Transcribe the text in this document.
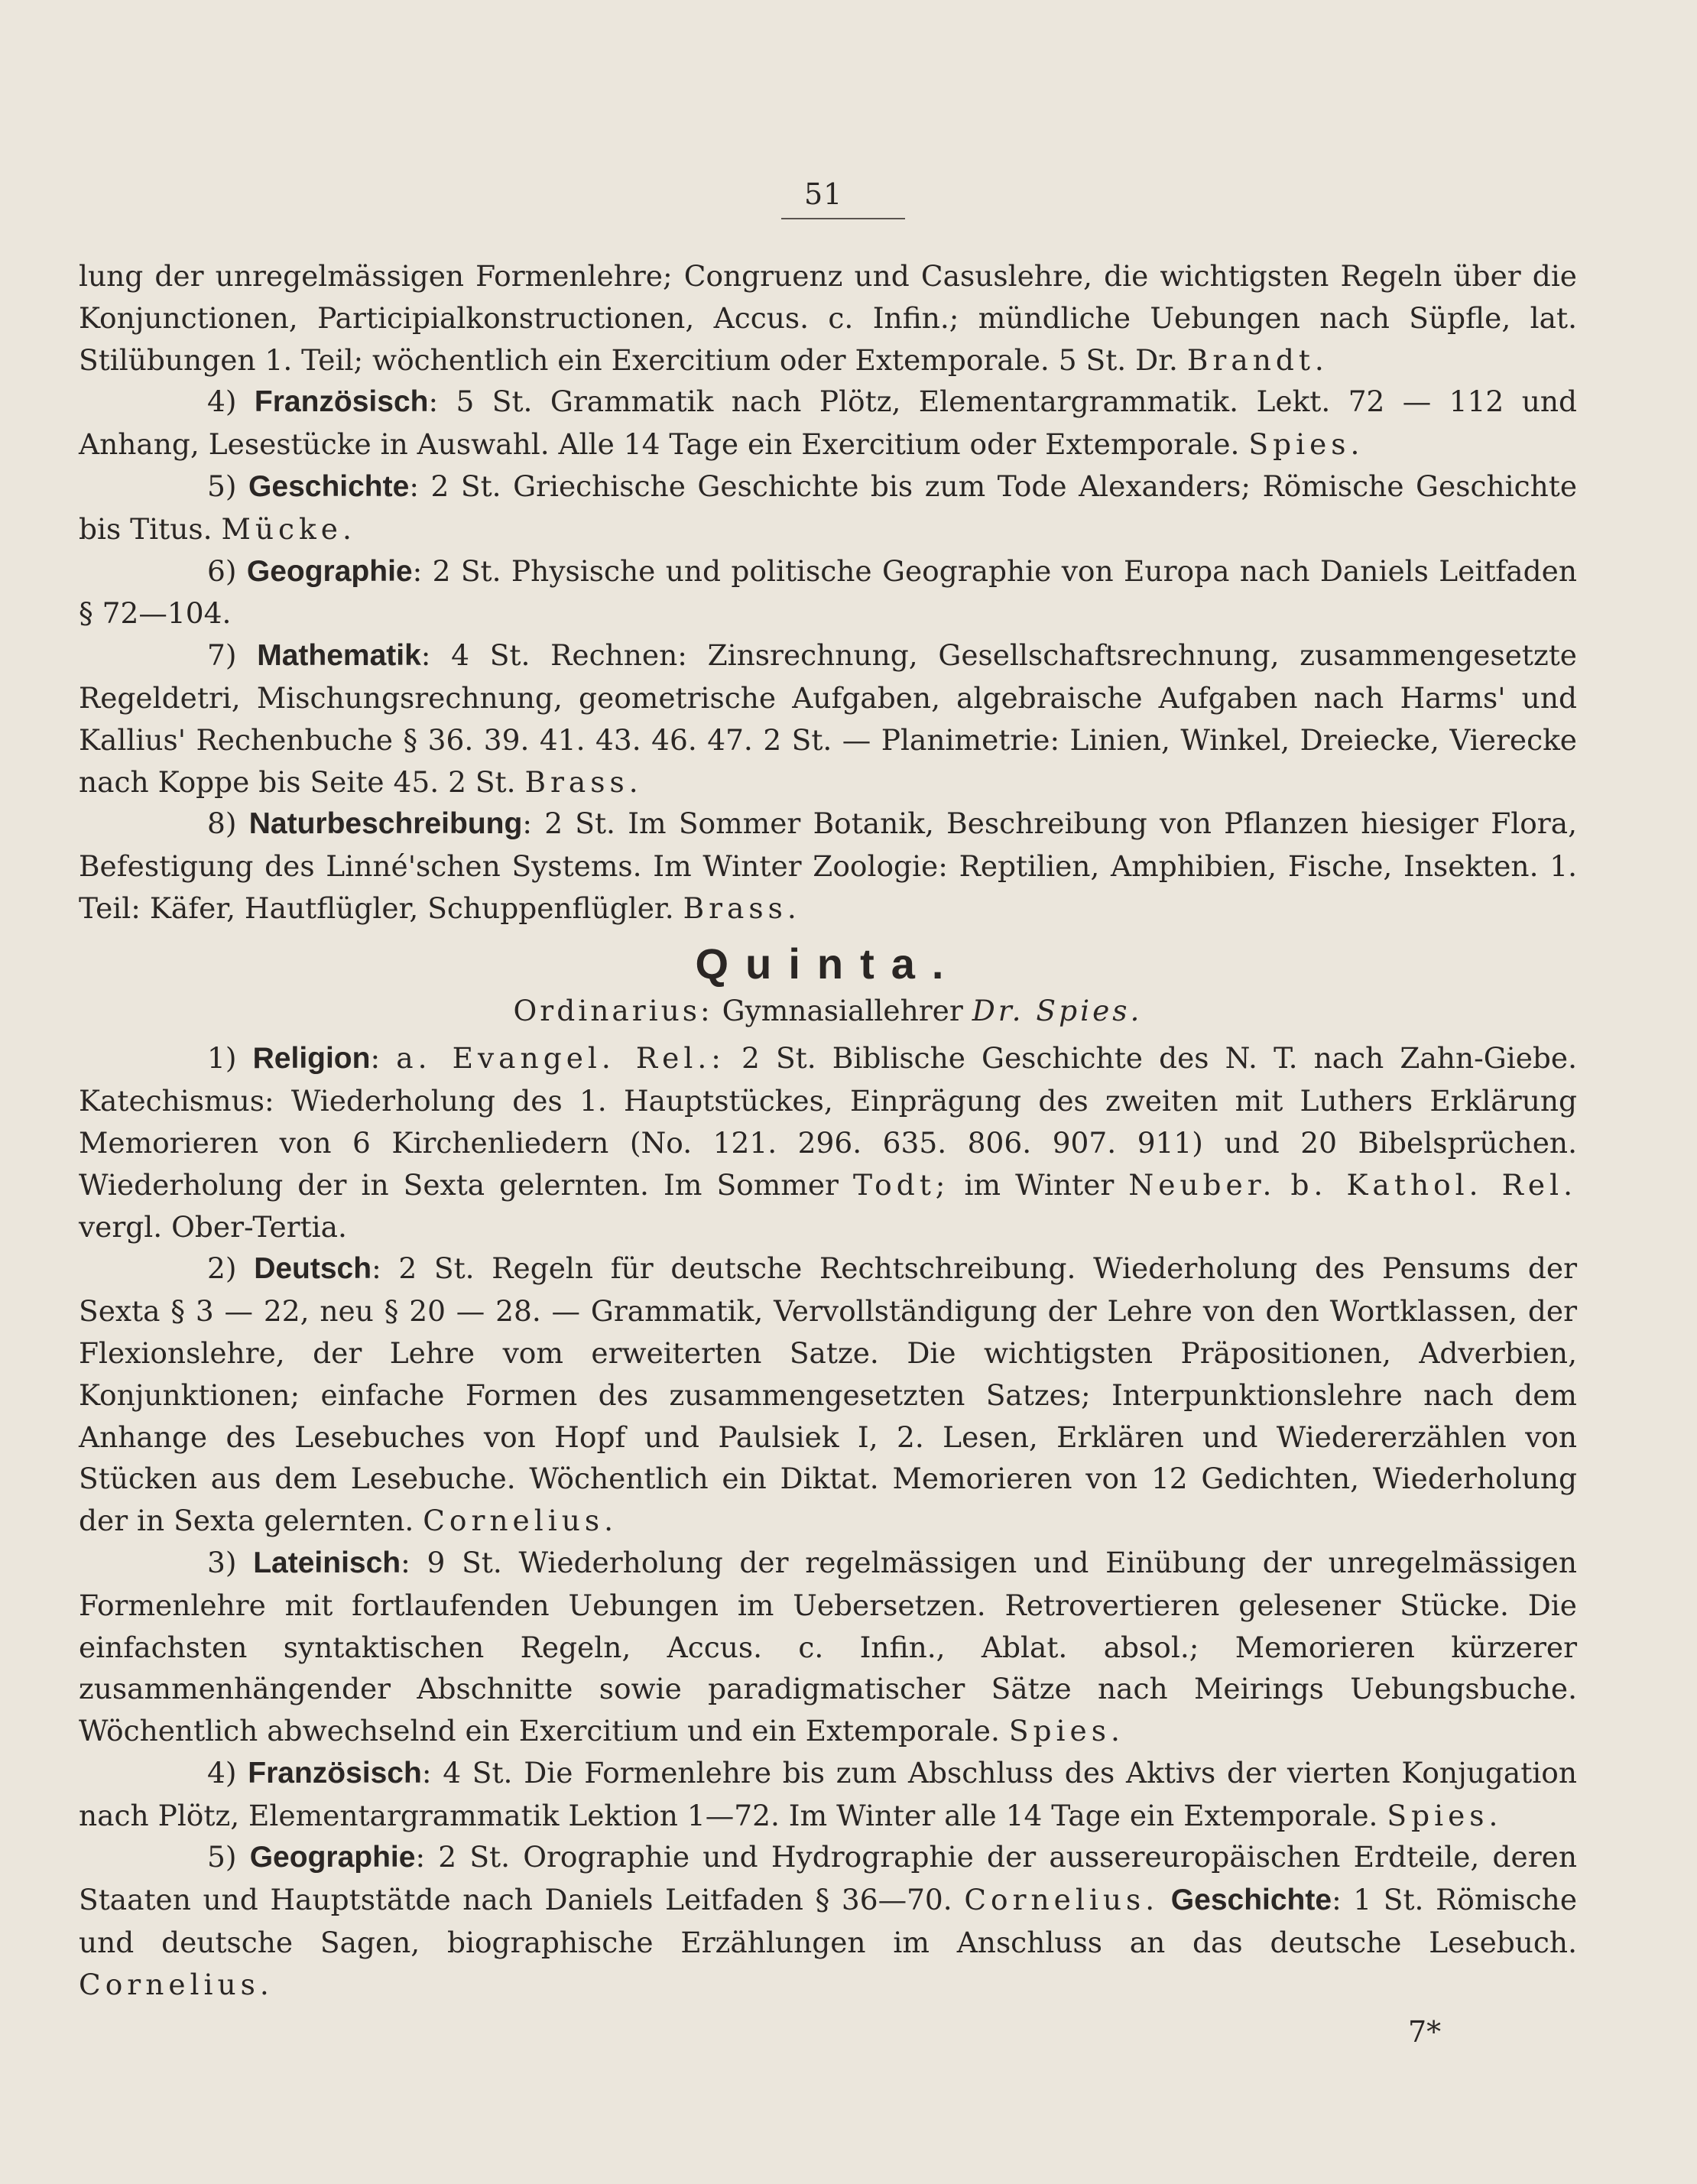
51

lung der unregelmässigen Formenlehre; Congruenz und Casuslehre, die wichtigsten Regeln über die Konjunctionen, Participialkonstructionen, Accus. c. Infin.; mündliche Uebungen nach Süpfle, lat. Stilübungen 1. Teil; wöchentlich ein Exercitium oder Extemporale. 5 St. Dr. Brandt.

4) Französisch: 5 St. Grammatik nach Plötz, Elementargrammatik. Lekt. 72 — 112 und Anhang, Lesestücke in Auswahl. Alle 14 Tage ein Exercitium oder Extemporale. Spies.

5) Geschichte: 2 St. Griechische Geschichte bis zum Tode Alexanders; Römische Geschichte bis Titus. Mücke.

6) Geographie: 2 St. Physische und politische Geographie von Europa nach Daniels Leitfaden § 72—104.

7) Mathematik: 4 St. Rechnen: Zinsrechnung, Gesellschaftsrechnung, zusammengesetzte Regeldetri, Mischungsrechnung, geometrische Aufgaben, algebraische Aufgaben nach Harms' und Kallius' Rechenbuche § 36. 39. 41. 43. 46. 47. 2 St. — Planimetrie: Linien, Winkel, Dreiecke, Vierecke nach Koppe bis Seite 45. 2 St. Brass.

8) Naturbeschreibung: 2 St. Im Sommer Botanik, Beschreibung von Pflanzen hiesiger Flora, Befestigung des Linné'schen Systems. Im Winter Zoologie: Reptilien, Amphibien, Fische, Insekten. 1. Teil: Käfer, Hautflügler, Schuppenflügler. Brass.

Quinta.

Ordinarius: Gymnasiallehrer Dr. Spies.

1) Religion: a. Evangel. Rel.: 2 St. Biblische Geschichte des N. T. nach Zahn-Giebe. Katechismus: Wiederholung des 1. Hauptstückes, Einprägung des zweiten mit Luthers Erklärung Memorieren von 6 Kirchenliedern (No. 121. 296. 635. 806. 907. 911) und 20 Bibelsprüchen. Wiederholung der in Sexta gelernten. Im Sommer Todt; im Winter Neuber. b. Kathol. Rel. vergl. Ober-Tertia.

2) Deutsch: 2 St. Regeln für deutsche Rechtschreibung. Wiederholung des Pensums der Sexta § 3 — 22, neu § 20 — 28. — Grammatik, Vervollständigung der Lehre von den Wortklassen, der Flexionslehre, der Lehre vom erweiterten Satze. Die wichtigsten Präpositionen, Adverbien, Konjunktionen; einfache Formen des zusammengesetzten Satzes; Interpunktionslehre nach dem Anhange des Lesebuches von Hopf und Paulsiek I, 2. Lesen, Erklären und Wiedererzählen von Stücken aus dem Lesebuche. Wöchentlich ein Diktat. Memorieren von 12 Gedichten, Wiederholung der in Sexta gelernten. Cornelius.

3) Lateinisch: 9 St. Wiederholung der regelmässigen und Einübung der unregelmässigen Formenlehre mit fortlaufenden Uebungen im Uebersetzen. Retrovertieren gelesener Stücke. Die einfachsten syntaktischen Regeln, Accus. c. Infin., Ablat. absol.; Memorieren kürzerer zusammenhängender Abschnitte sowie paradigmatischer Sätze nach Meirings Uebungsbuche. Wöchentlich abwechselnd ein Exercitium und ein Extemporale. Spies.

4) Französisch: 4 St. Die Formenlehre bis zum Abschluss des Aktivs der vierten Konjugation nach Plötz, Elementargrammatik Lektion 1—72. Im Winter alle 14 Tage ein Extemporale. Spies.

5) Geographie: 2 St. Orographie und Hydrographie der aussereuropäischen Erdteile, deren Staaten und Hauptstätde nach Daniels Leitfaden § 36—70. Cornelius. Geschichte: 1 St. Römische und deutsche Sagen, biographische Erzählungen im Anschluss an das deutsche Lesebuch. Cornelius.

7*
